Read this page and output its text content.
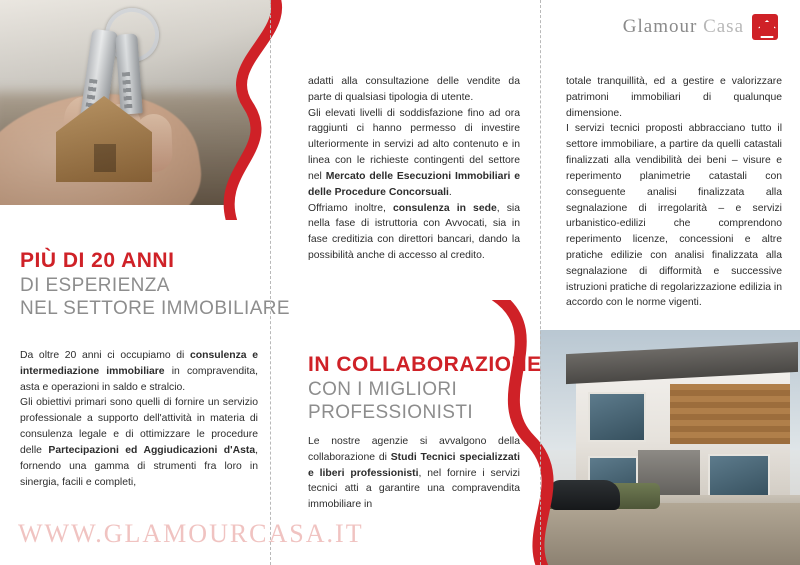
Glamour Casa
PIÙ DI 20 ANNI
DI ESPERIENZA
NEL SETTORE IMMOBILIARE

Da oltre 20 anni ci occupiamo di consulenza e intermediazione immobiliare in compravendita, asta e operazioni in saldo e stralcio.

Gli obiettivi primari sono quelli di fornire un servizio professionale a supporto dell'attività in materia di consulenza legale e di ottimizzare le procedure delle Partecipazioni ed Aggiudicazioni d'Asta, fornendo una gamma di strumenti fra loro in sinergia, facili e completi,

adatti alla consultazione delle vendite da parte di qualsiasi tipologia di utente.

Gli elevati livelli di soddisfazione fino ad ora raggiunti ci hanno permesso di investire ulteriormente in servizi ad alto contenuto e in linea con le richieste contingenti del settore nel Mercato delle Esecuzioni Immobiliari e delle Procedure Concorsuali.

Offriamo inoltre, consulenza in sede, sia nella fase di istruttoria con Avvocati, sia in fase creditizia con direttori bancari, dando la possibilità anche di accesso al credito.

IN COLLABORAZIONE
CON I MIGLIORI
PROFESSIONISTI

Le nostre agenzie si avvalgono della collaborazione di Studi Tecnici specializzati e liberi professionisti, nel fornire i servizi tecnici atti a garantire una compravendita immobiliare in

totale tranquillità, ed a gestire e valorizzare patrimoni immobiliari di qualunque dimensione.

I servizi tecnici proposti abbracciano tutto il settore immobiliare, a partire da quelli catastali finalizzati alla vendibilità dei beni – visure e reperimento planimetrie catastali con conseguente analisi finalizzata alla segnalazione di irregolarità – e servizi urbanistico-edilizi che comprendono reperimento licenze, concessioni e altre pratiche edilizie con analisi finalizzata alla segnalazione di difformità e successive istruzioni pratiche di regolarizzazione edilizia in accordo con le norme vigenti.

WWW.GLAMOURCASA.IT
